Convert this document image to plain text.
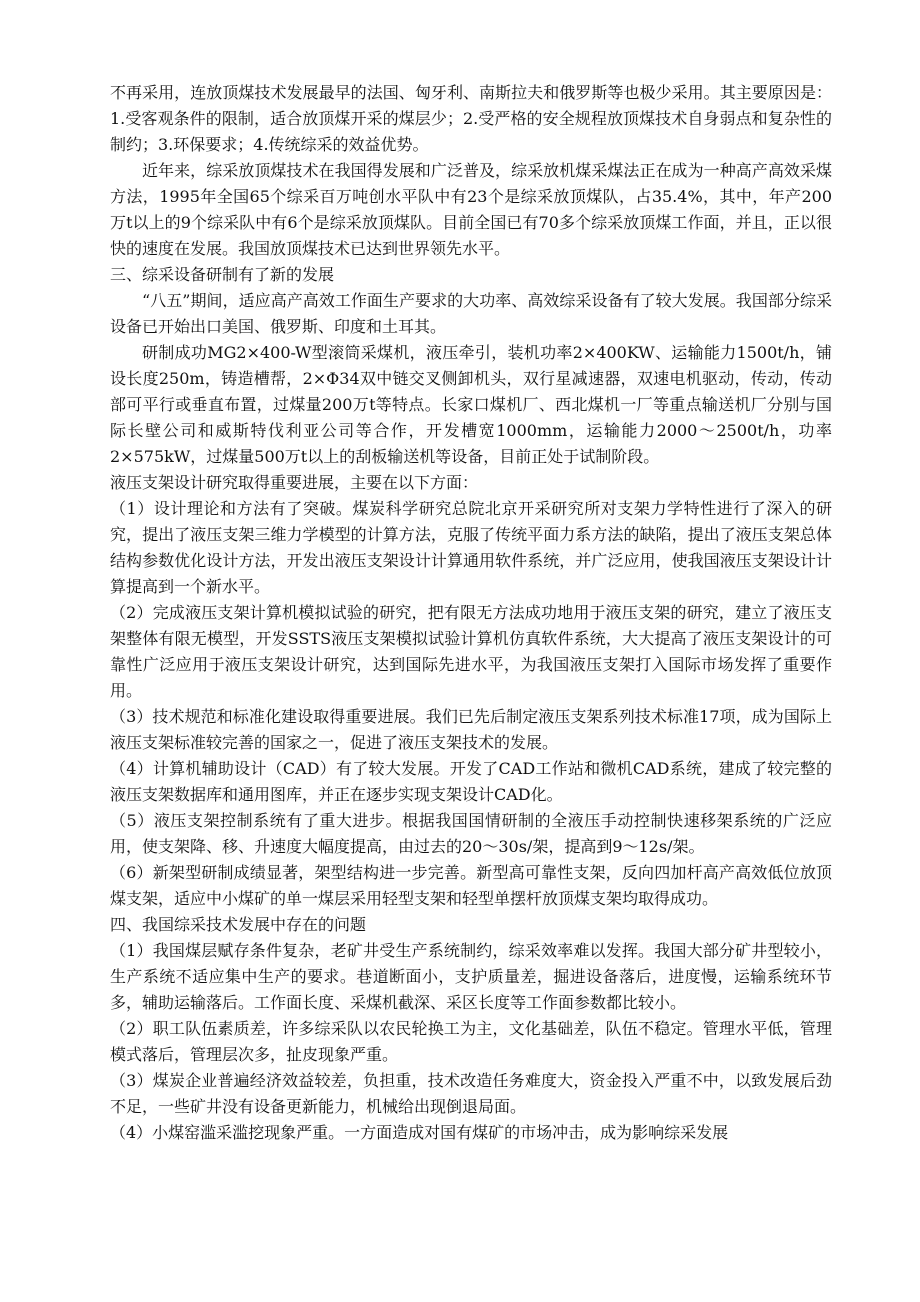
不再采用，连放顶煤技术发展最早的法国、匈牙利、南斯拉夫和俄罗斯等也极少采用。其主要原因是：1.受客观条件的限制，适合放顶煤开采的煤层少；2.受严格的安全规程放顶煤技术自身弱点和复杂性的制约；3.环保要求；4.传统综采的效益优势。

近年来，综采放顶煤技术在我国得发展和广泛普及，综采放机煤采煤法正在成为一种高产高效采煤方法，1995年全国65个综采百万吨创水平队中有23个是综采放顶煤队，占35.4%，其中，年产200万t以上的9个综采队中有6个是综采放顶煤队。目前全国已有70多个综采放顶煤工作面，并且，正以很快的速度在发展。我国放顶煤技术已达到世界领先水平。

三、综采设备研制有了新的发展

“八五”期间，适应高产高效工作面生产要求的大功率、高效综采设备有了较大发展。我国部分综采设备已开始出口美国、俄罗斯、印度和土耳其。

研制成功MG2×400-W型滚筒采煤机，液压牵引，装机功率2×400KW、运输能力1500t/h，铺设长度250m，铸造槽帮，2×Φ34双中链交叉侧卸机头，双行星减速器，双速电机驱动，传动，传动部可平行或垂直布置，过煤量200万t等特点。长家口煤机厂、西北煤机一厂等重点输送机厂分别与国际长壁公司和威斯特伐利亚公司等合作，开发槽宽1000mm，运输能力2000～2500t/h，功率2×575kW，过煤量500万t以上的刮板输送机等设备，目前正处于试制阶段。

液压支架设计研究取得重要进展，主要在以下方面：

（1）设计理论和方法有了突破。煤炭科学研究总院北京开采研究所对支架力学特性进行了深入的研究，提出了液压支架三维力学模型的计算方法，克服了传统平面力系方法的缺陷，提出了液压支架总体结构参数优化设计方法，开发出液压支架设计计算通用软件系统，并广泛应用，使我国液压支架设计计算提高到一个新水平。

（2）完成液压支架计算机模拟试验的研究，把有限无方法成功地用于液压支架的研究，建立了液压支架整体有限无模型，开发SSTS液压支架模拟试验计算机仿真软件系统，大大提高了液压支架设计的可靠性广泛应用于液压支架设计研究，达到国际先进水平，为我国液压支架打入国际市场发挥了重要作用。

（3）技术规范和标准化建设取得重要进展。我们已先后制定液压支架系列技术标准17项，成为国际上液压支架标准较完善的国家之一，促进了液压支架技术的发展。

（4）计算机辅助设计（CAD）有了较大发展。开发了CAD工作站和微机CAD系统，建成了较完整的液压支架数据库和通用图库，并正在逐步实现支架设计CAD化。

（5）液压支架控制系统有了重大进步。根据我国国情研制的全液压手动控制快速移架系统的广泛应用，使支架降、移、升速度大幅度提高，由过去的20～30s/架，提高到9～12s/架。

（6）新架型研制成绩显著，架型结构进一步完善。新型高可靠性支架，反向四加杆高产高效低位放顶煤支架，适应中小煤矿的单一煤层采用轻型支架和轻型单摆杆放顶煤支架均取得成功。

四、我国综采技术发展中存在的问题

（1）我国煤层赋存条件复杂，老矿井受生产系统制约，综采效率难以发挥。我国大部分矿井型较小，生产系统不适应集中生产的要求。巷道断面小，支护质量差，掘进设备落后，进度慢，运输系统环节多，辅助运输落后。工作面长度、采煤机截深、采区长度等工作面参数都比较小。

（2）职工队伍素质差，许多综采队以农民轮换工为主，文化基础差，队伍不稳定。管理水平低，管理模式落后，管理层次多，扯皮现象严重。

（3）煤炭企业普遍经济效益较差，负担重，技术改造任务难度大，资金投入严重不中，以致发展后劲不足，一些矿井没有设备更新能力，机械给出现倒退局面。

（4）小煤窑滥采滥挖现象严重。一方面造成对国有煤矿的市场冲击，成为影响综采发展
